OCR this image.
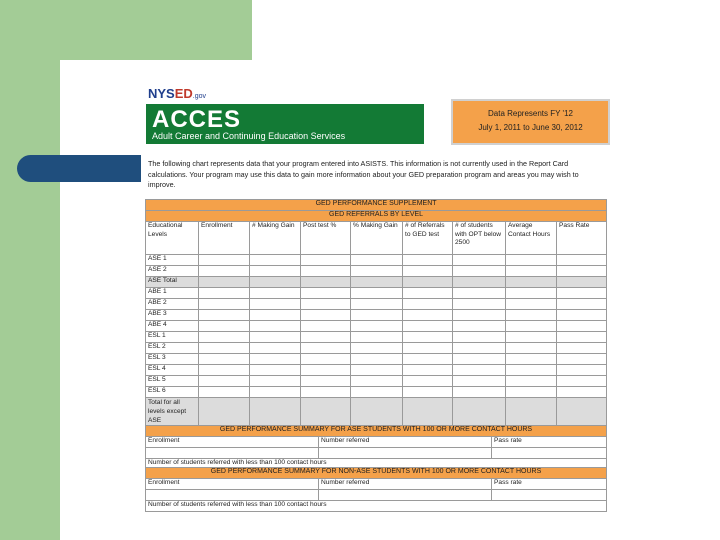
NYSED.gov
ACCES
Adult Career and Continuing Education Services
Data Represents FY '12
July 1, 2011 to June 30, 2012
The following chart represents data that your program entered into ASISTS. This information is not currently used in the Report Card calculations. Your program may use this data to gain more information about your GED preparation program and areas you may wish to improve.
GED PERFORMANCE SUPPLEMENT								
GED REFERRALS BY LEVEL								
Educational Levels	Enrollment	# Making Gain	Post test %	% Making Gain	# of Referrals to GED test	# of students with OPT below 2500	Average Contact Hours	Pass Rate
ASE 1								
ASE 2								
ASE Total								
ABE 1								
ABE 2								
ABE 3								
ABE 4								
ESL 1								
ESL 2								
ESL 3								
ESL 4								
ESL 5								
ESL 6								
Total for all levels except ASE								
GED PERFORMANCE SUMMARY FOR ASE STUDENTS WITH 100 OR MORE CONTACT HOURS		
Enrollment	Number referred	Pass rate

Number of students referred with less than 100 contact hours		
GED PERFORMANCE SUMMARY FOR NON-ASE STUDENTS WITH 100 OR MORE CONTACT HOURS		
Enrollment	Number referred	Pass rate

Number of students referred with less than 100 contact hours		
